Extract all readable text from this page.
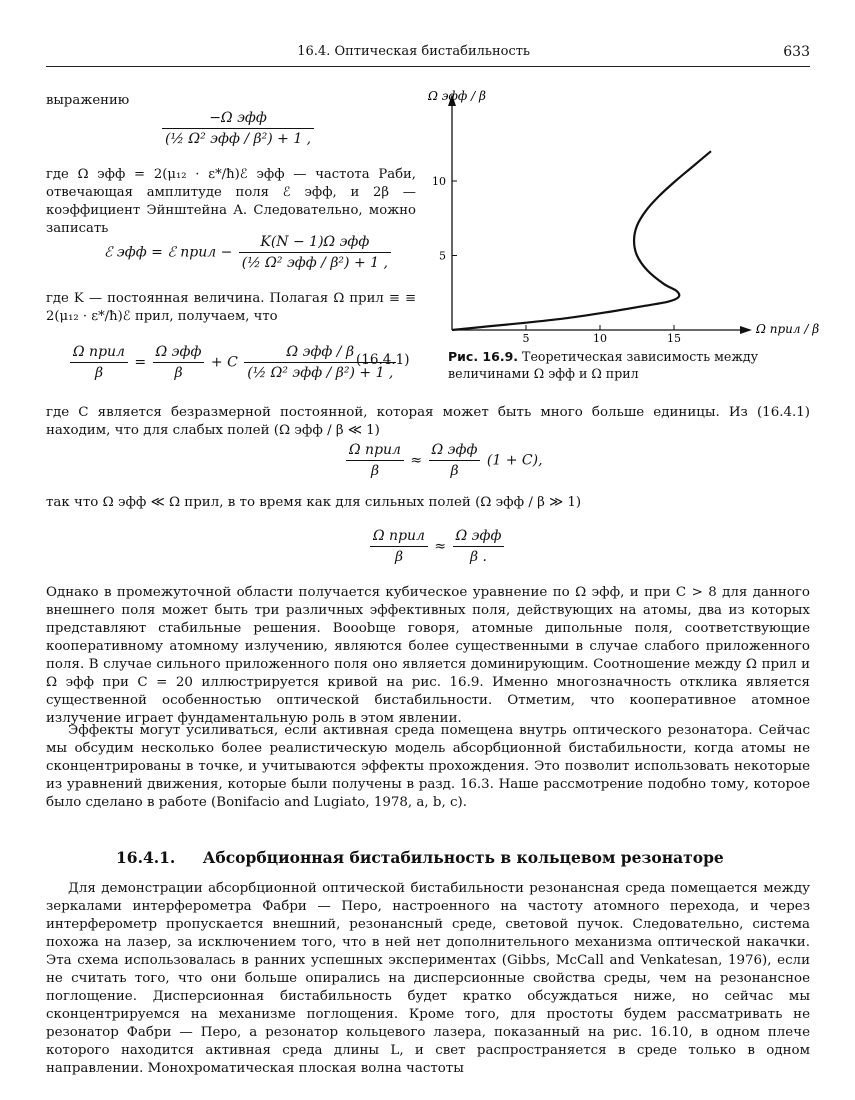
16.4. Оптическая бистабильность	633
выражению
$\frac{\text{−Ω эфф}}{\text{(½ Ω² эфф / β²) + 1 ,}}$
где Ω эфф = 2(μ₁₂ · ε*/ħ)ℰ эфф — частота Раби, отвечающая амплитуде поля ℰ эфф, и 2β — коэффициент Эйнштейна A. Следовательно, можно записать
ℰ эфф = ℰ прил − $\frac{\text{K(N − 1)Ω эфф}}{\text{(½ Ω² эфф / β²) + 1 ,}}$
где K — постоянная величина. Полагая Ω прил ≡ ≡ 2(μ₁₂ · ε*/ħ)ℰ прил, получаем, что
$\frac{\text{Ω прил}}{\beta} = \frac{\text{Ω эфф}}{\beta} + C \frac{\text{Ω эфф / β}}{\text{(½ Ω² эфф / β²) + 1 ,}}$
(16.4.1)
5	10	15
5
10
Ω эфф / β
Ω прил / β
Рис. 16.9. Теоретическая зависимость между величинами Ω эфф и Ω прил
где C является безразмерной постоянной, которая может быть много больше единицы. Из (16.4.1) находим, что для слабых полей (Ω эфф / β ≪ 1)
$\frac{\text{Ω прил}}{\beta} \approx \frac{\text{Ω эфф}}{\beta} (1 + C)$,
так что Ω эфф ≪ Ω прил, в то время как для сильных полей (Ω эфф / β ≫ 1)
$\frac{\text{Ω прил}}{\beta} \approx \frac{\text{Ω эфф}}{\beta .}$
Однако в промежуточной области получается кубическое уравнение по Ω эфф, и при C > 8 для данного внешнего поля может быть три различных эффективных поля, действующих на атомы, два из которых представляют стабильные решения. Вооobще говоря, атомные дипольные поля, соответствующие кооперативному атомному излучению, являются более существенными в случае слабого приложенного поля. В случае сильного приложенного поля оно является доминирующим. Соотношение между Ω прил и Ω эфф при C = 20 иллюстрируется кривой на рис. 16.9. Именно многозначность отклика является существенной особенностью оптической бистабильности. Отметим, что кооперативное атомное излучение играет фундаментальную роль в этом явлении.
Эффекты могут усиливаться, если активная среда помещена внутрь оптического резонатора. Сейчас мы обсудим несколько более реалистическую модель абсорбционной бистабильности, когда атомы не сконцентрированы в точке, и учитываются эффекты прохождения. Это позволит использовать некоторые из уравнений движения, которые были получены в разд. 16.3. Наше рассмотрение подобно тому, которое было сделано в работе (Bonifacio and Lugiato, 1978, a, b, c).
16.4.1. Абсорбционная бистабильность в кольцевом резонаторе
Для демонстрации абсорбционной оптической бистабильности резонансная среда помещается между зеркалами интерферометра Фабри — Перо, настроенного на частоту атомного перехода, и через интерферометр пропускается внешний, резонансный среде, световой пучок. Следовательно, система похожа на лазер, за исключением того, что в ней нет дополнительного механизма оптической накачки. Эта схема использовалась в ранних успешных экспериментах (Gibbs, McCall and Venkatesan, 1976), если не считать того, что они больше опирались на дисперсионные свойства среды, чем на резонансное поглощение. Дисперсионная бистабильность будет кратко обсуждаться ниже, но сейчас мы сконцентрируемся на механизме поглощения. Кроме того, для простоты будем рассматривать не резонатор Фабри — Перо, а резонатор кольцевого лазера, показанный на рис. 16.10, в одном плече которого находится активная среда длины L, и свет распространяется в среде только в одном направлении. Монохроматическая плоская волна частоты
